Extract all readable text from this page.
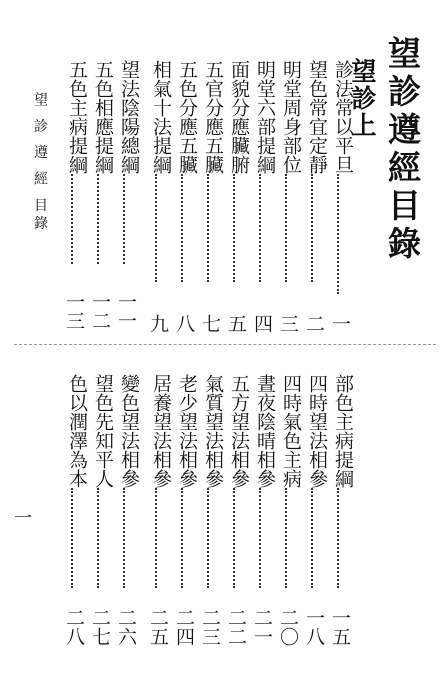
望診遵經目錄
望診上
診法常以平旦
一
望色常宜定靜
二
明堂周身部位
三
明堂六部提綱
四
面貌分應臟腑
五
五官分應五臟
七
五色分應五臟
八
相氣十法提綱
九
望法陰陽總綱
一一
五色相應提綱
一二
五色主病提綱
一三
望 診 遵 經 目錄
部色主病提綱
一五
四時望法相參
一八
四時氣色主病
二〇
晝夜陰晴相參
二一
五方望法相參
二二
氣質望法相參
二三
老少望法相參
二四
居養望法相參
二五
變色望法相參
二六
望色先知平人
二七
色以潤澤為本
二八
一
